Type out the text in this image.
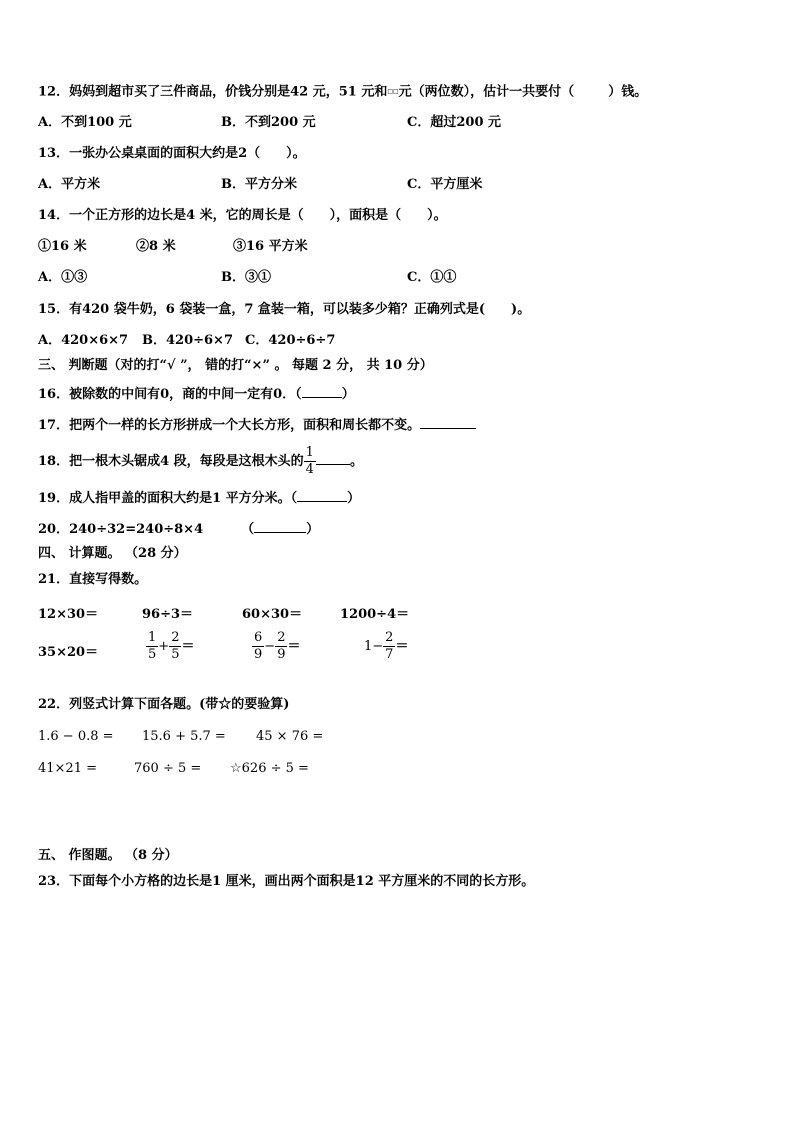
12．妈妈到超市买了三件商品，价钱分别是42 元，51 元和□□元（两位数），估计一共要付（	）钱。
A．不到100 元	B．不到200 元	C．超过200 元
13．一张办公桌桌面的面积大约是2（　　）。
A．平方米	B．平方分米	C．平方厘米
14．一个正方形的边长是4 米，它的周长是（　　），面积是（　　）。
①16 米	②8 米	③16 平方米
A．①③	B．③①	C．①①
15．有420 袋牛奶，6 袋装一盒，7 盒装一箱，可以装多少箱？正确列式是(　　)。
A．420×6×7 B．420÷6×7 C．420÷6÷7
三、 判断题（对的打“√ ”， 错的打“×” 。 每题 2 分， 共 10 分）
16．被除数的中间有0，商的中间一定有0．（	）
17．把两个一样的长方形拼成一个大长方形，面积和周长都不变。
18．把一根木头锯成4 段，每段是这根木头的 $\frac{1}{4}$	。
19．成人指甲盖的面积大约是1 平方分米。（	）
20．240÷32=240÷8×4	（	）
四、 计算题。 （28 分）
21．直接写得数。
12×30＝	96÷3＝	60×30＝	1200÷4＝
35×20＝	$\frac{1}{5} + \frac{2}{5}$ ＝	$\frac{6}{9} - \frac{2}{9}$ ＝	$1- \frac{2}{7}$ ＝
22．列竖式计算下面各题。(带☆的要验算)
1.6 − 0.8 = 15.6 + 5.7 = 45 × 76 =
41×21 =	760 ÷ 5 = ☆626 ÷ 5 =
五、 作图题。 （8 分）
23．下面每个小方格的边长是1 厘米，画出两个面积是12 平方厘米的不同的长方形。
